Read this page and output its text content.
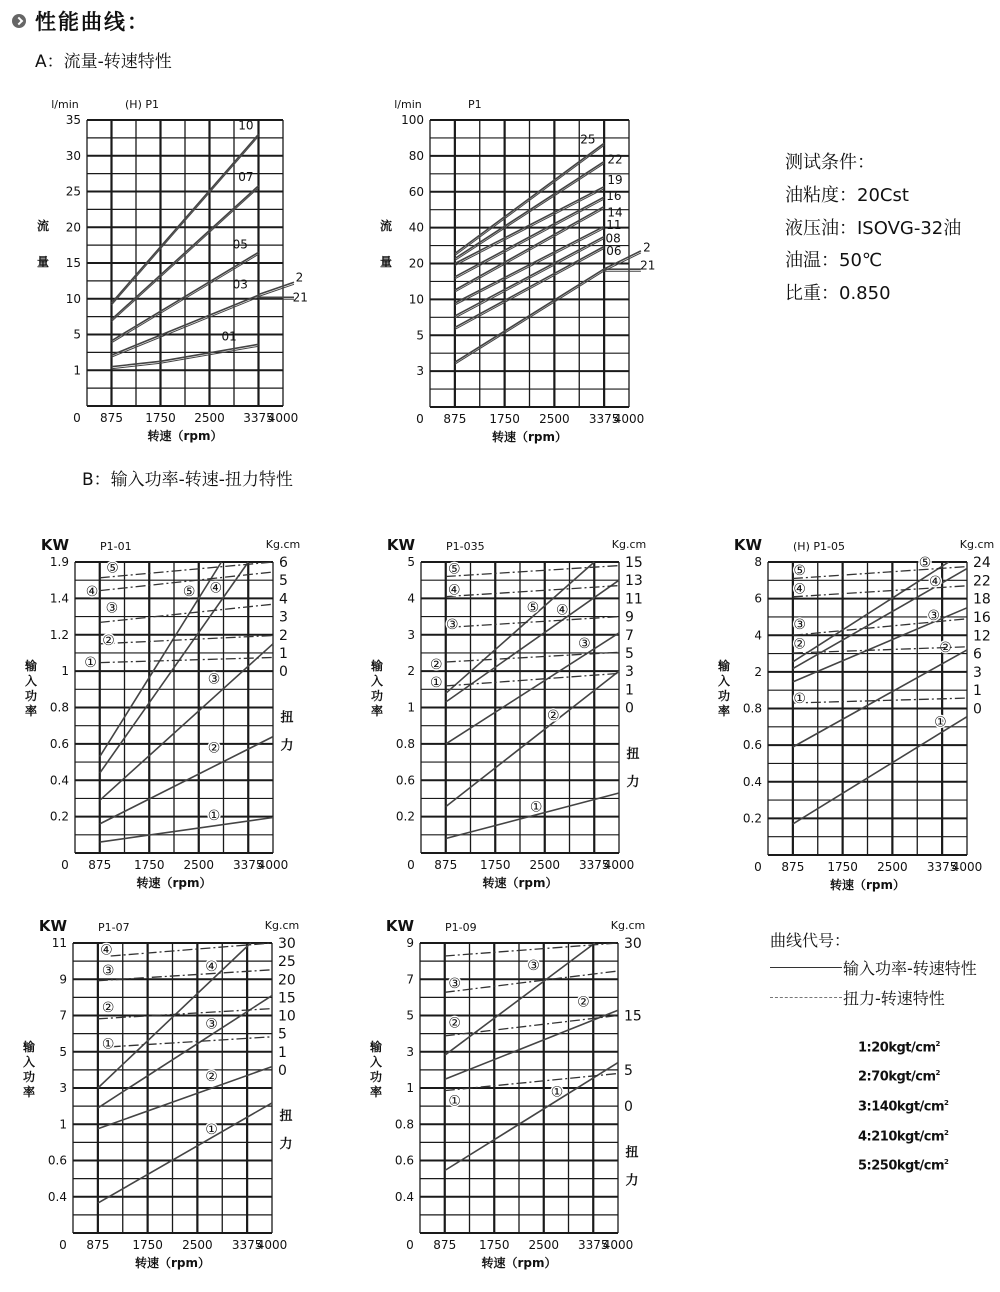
性能曲线：
A：流量-转速特性
B：输入功率-转速-扭力特性
测试条件：
油粘度：20Cst
液压油：ISOVG-32油
油温：50℃
比重：0.850
曲线代号：
输入功率-转速特性
扭力-转速特性
$1:20kgt/cm^2$
$2:70kgt/cm^2$
$3:140kgt/cm^2$
$4:210kgt/cm^2$
$5:250kgt/cm^2$
35
30
25
20
15
10
5
1
0 875 1750 2500 3375
4000
l/min	(H) P1
流
量
转速（rpm）
10
07
05
03
01
2
21
100
80
60
40
20
10
5
3
0 875 1750 2500 3375
4000
l/min	P1
流
量
转速（rpm）
25
22
19
16
14
11
08
06 2
21
1.9
1.4
1.2
1
0.8
0.6
0.4
0.2
0 875 1750 2500 3375
4000
6
5
4
3
2
1
0
KW	P1-01	Kg.cm
输
入
功
率	扭
力
转速（rpm）
①
②
③
④
⑤
①
②
③
④
⑤	5
4
3
2
1
0.8
0.6
0.2
0 875 1750 2500 3375
4000
15
13
11
9
7
5
3
1
0
KW	P1-035	Kg.cm
输
入
功
率
扭
力
转速（rpm）
①
②
③
④
⑤
①
②
③
④
⑤	8
6
4
2
0.8
0.6
0.4
0.2
0 875 1750 2500 3375
4000
24
22
18
16
12
6
3
1
0
KW	(H) P1-05	Kg.cm
输
入
功
率
转速（rpm）
①
②
③
④
⑤
①
②
③
④
⑤
11
9
7
5
3
1
0.6
0.4
0 875 1750 2500 3375
4000
30
25
20
15
10
5
1
0
KW	P1-07	Kg.cm
输
入
功
率
扭
力
转速（rpm）
①
②
③
④
①
②
③
④	9
7
5
3
1
0.8
0.6
0.4
0 875 1750 2500 3375
4000
30
15
5
0
KW	P1-09	Kg.cm
输
入
功
率
扭
力
转速（rpm）
①
②
③
①
②
③
